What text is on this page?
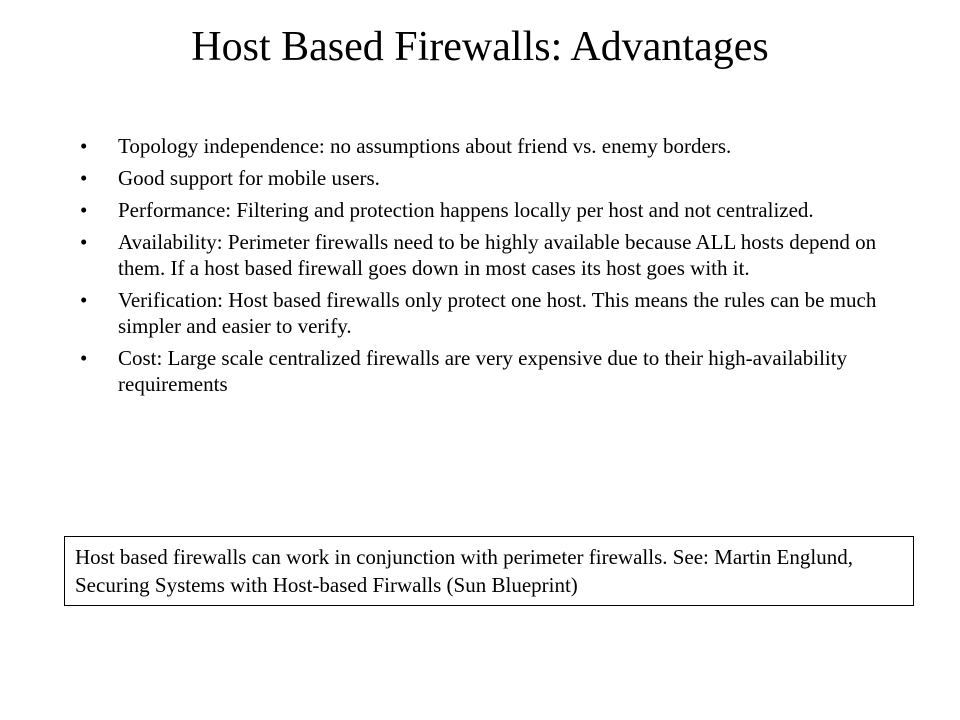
Host Based Firewalls: Advantages
•	Topology independence: no assumptions about friend vs. enemy borders.
•	Good support for mobile users.
•	Performance: Filtering and protection happens locally per host and not centralized.
•	Availability: Perimeter firewalls need to be highly available because ALL hosts depend on them. If a host based firewall goes down in most cases its host goes with it.
•	Verification: Host based firewalls only protect one host. This means the rules can be much simpler and easier to verify.
•	Cost: Large scale centralized firewalls are very expensive due to their high-availability requirements
Host based firewalls can work in conjunction with perimeter firewalls. See: Martin Englund, Securing Systems with Host-based Firwalls (Sun Blueprint)
